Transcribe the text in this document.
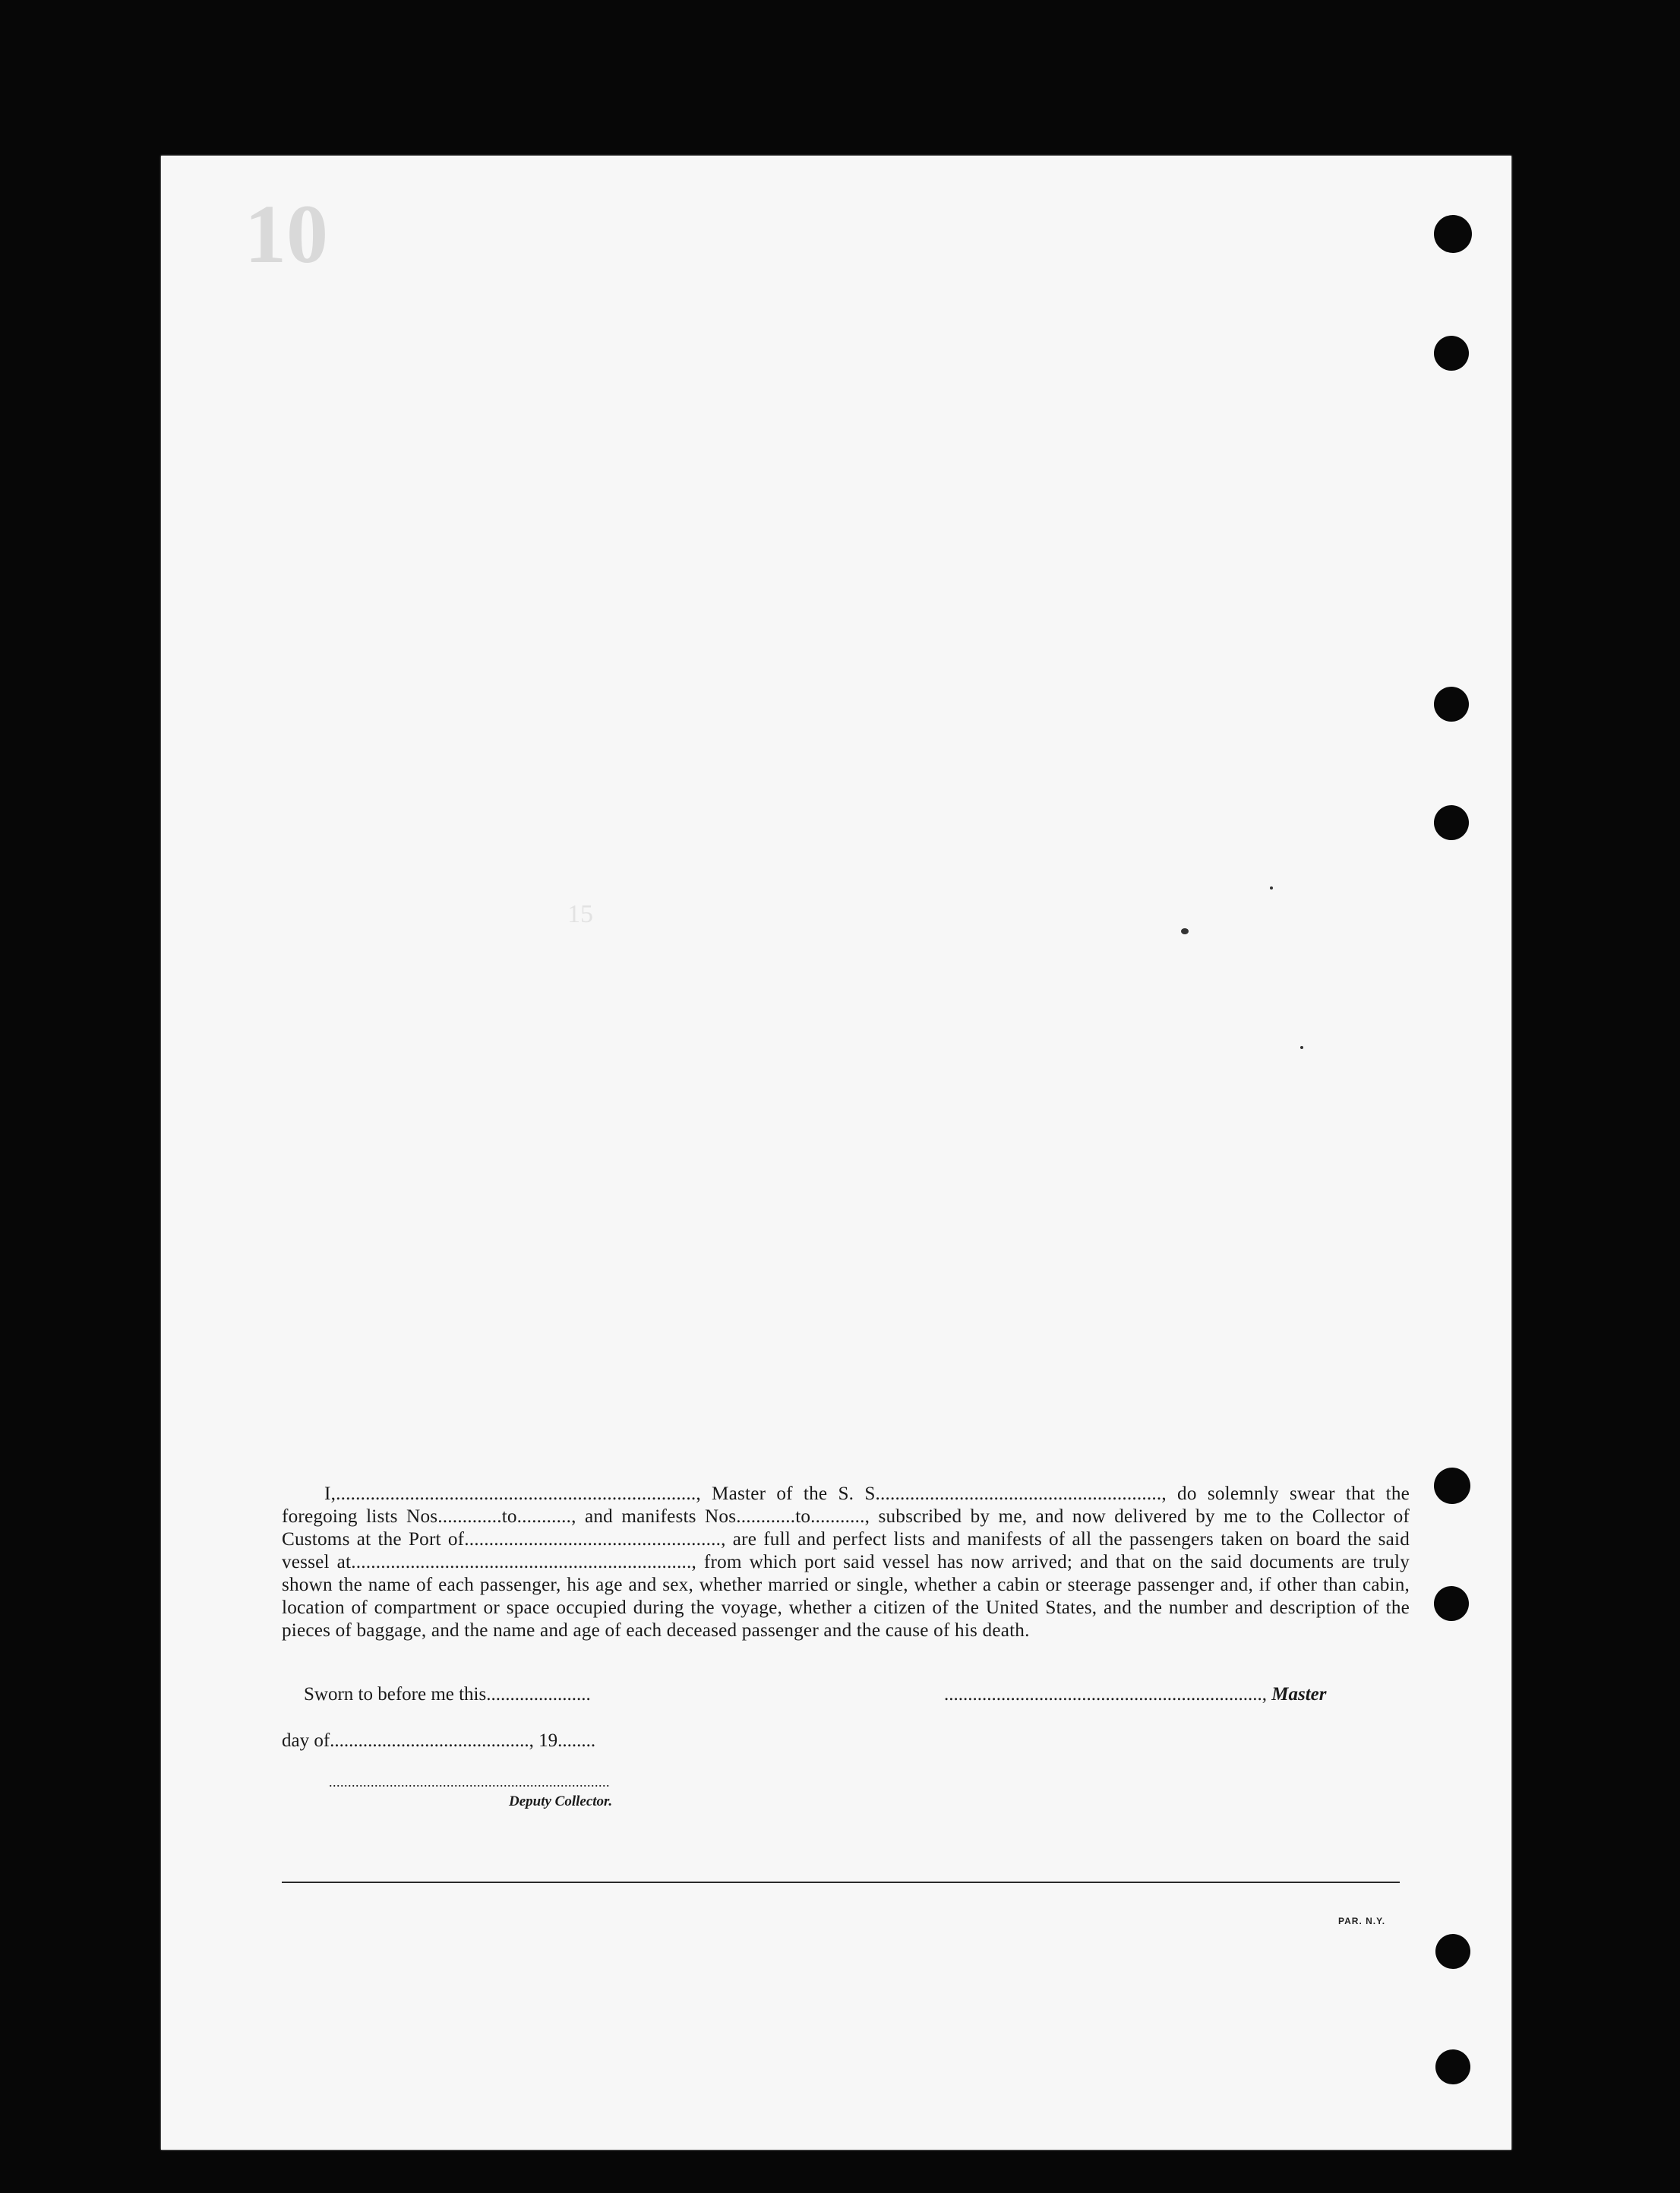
10
15
I,........................................................................., Master of the S. S.........................................................., do solemnly swear that the foregoing lists Nos.............to..........., and manifests Nos............to..........., subscribed by me, and now delivered by me to the Collector of Customs at the Port of...................................................., are full and perfect lists and manifests of all the passengers taken on board the said vessel at....................................................................., from which port said vessel has now arrived; and that on the said documents are truly shown the name of each passenger, his age and sex, whether married or single, whether a cabin or steerage passenger and, if other than cabin, location of compartment or space occupied during the voyage, whether a citizen of the United States, and the number and description of the pieces of baggage, and the name and age of each deceased passenger and the cause of his death.
Sworn to before me this......................	..................................................................., Master
day of.........................................., 19........
..........................................................................
Deputy Collector.
PAR. N.Y.
